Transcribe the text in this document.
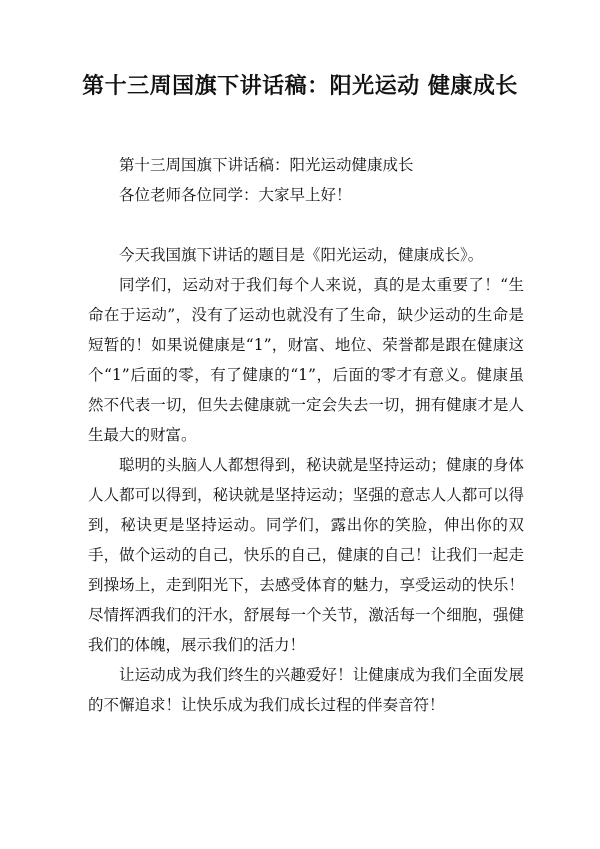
第十三周国旗下讲话稿：阳光运动 健康成长

第十三周国旗下讲话稿：阳光运动健康成长

各位老师各位同学：大家早上好！

今天我国旗下讲话的题目是《阳光运动，健康成长》。

同学们，运动对于我们每个人来说，真的是太重要了！“生命在于运动”，没有了运动也就没有了生命，缺少运动的生命是短暂的！如果说健康是“1”，财富、地位、荣誉都是跟在健康这个“1”后面的零，有了健康的“1”，后面的零才有意义。健康虽然不代表一切，但失去健康就一定会失去一切，拥有健康才是人生最大的财富。

聪明的头脑人人都想得到，秘诀就是坚持运动；健康的身体人人都可以得到，秘诀就是坚持运动；坚强的意志人人都可以得到，秘诀更是坚持运动。同学们，露出你的笑脸，伸出你的双手，做个运动的自己，快乐的自己，健康的自己！让我们一起走到操场上，走到阳光下，去感受体育的魅力，享受运动的快乐！尽情挥洒我们的汗水，舒展每一个关节，激活每一个细胞，强健我们的体魄，展示我们的活力！

让运动成为我们终生的兴趣爱好！让健康成为我们全面发展的不懈追求！让快乐成为我们成长过程的伴奏音符！
